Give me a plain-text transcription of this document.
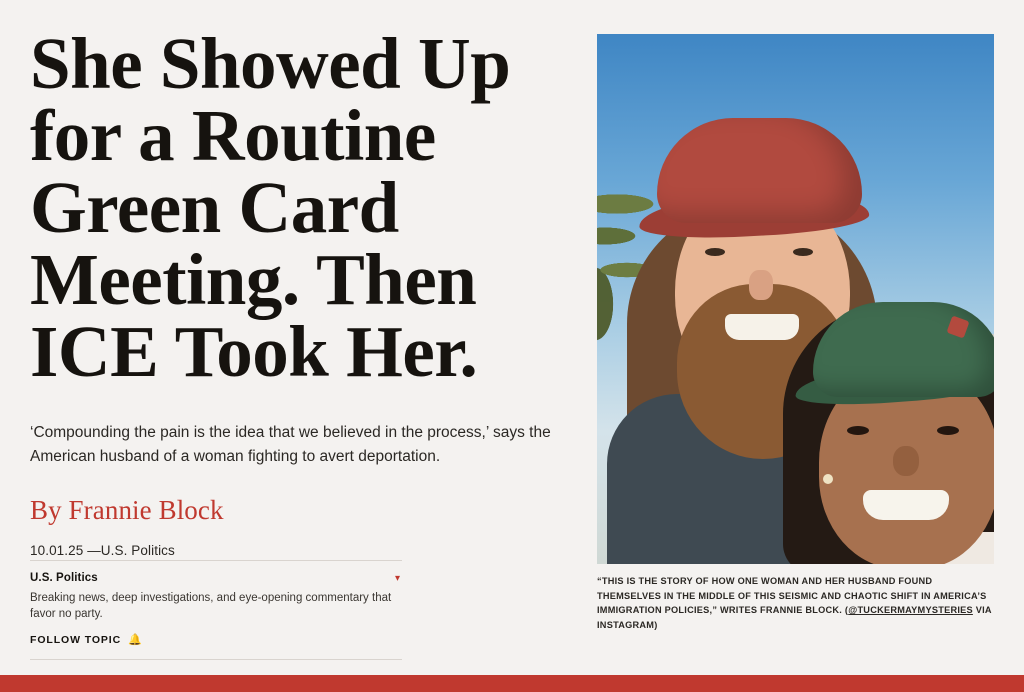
She Showed Up for a Routine Green Card Meeting. Then ICE Took Her.
‘Compounding the pain is the idea that we believed in the process,’ says the American husband of a woman fighting to avert deportation.
By Frannie Block
10.01.25 —U.S. Politics
U.S. Politics	▾
Breaking news, deep investigations, and eye-opening commentary that favor no party.
FOLLOW TOPIC 🔔
“THIS IS THE STORY OF HOW ONE WOMAN AND HER HUSBAND FOUND THEMSELVES IN THE MIDDLE OF THIS SEISMIC AND CHAOTIC SHIFT IN AMERICA’S IMMIGRATION POLICIES,” WRITES FRANNIE BLOCK. (@TUCKERMAYMYSTERIES VIA INSTAGRAM)
